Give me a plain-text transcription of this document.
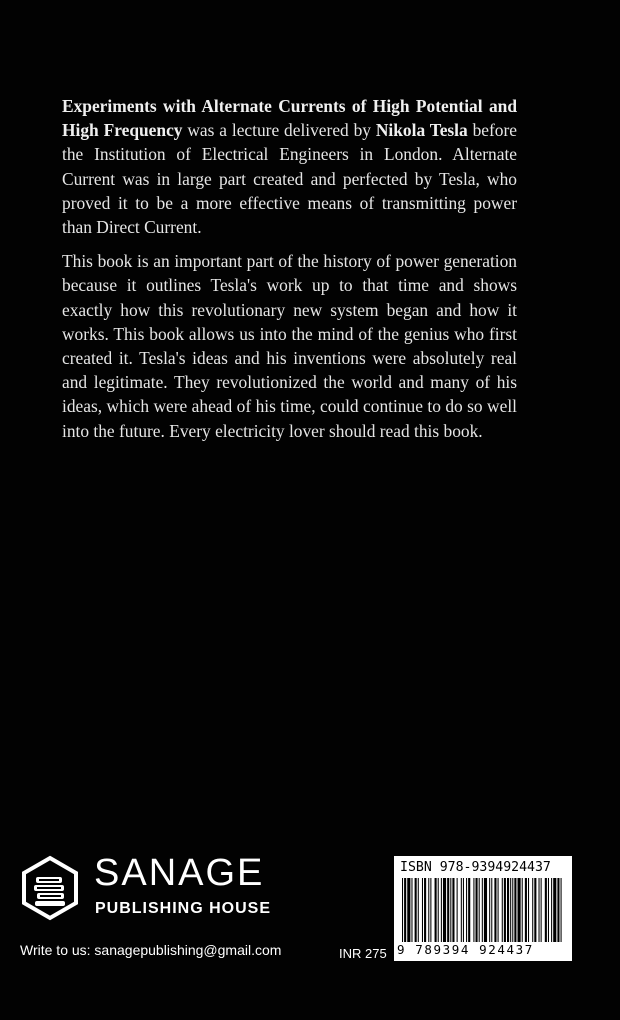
Experiments with Alternate Currents of High Potential and High Frequency was a lecture delivered by Nikola Tesla before the Institution of Electrical Engineers in London. Alternate Current was in large part created and perfected by Tesla, who proved it to be a more effective means of transmitting power than Direct Current.

This book is an important part of the history of power generation because it outlines Tesla's work up to that time and shows exactly how this revolutionary new system began and how it works. This book allows us into the mind of the genius who first created it. Tesla's ideas and his inventions were absolutely real and legitimate. They revolutionized the world and many of his ideas, which were ahead of his time, could continue to do so well into the future. Every electricity lover should read this book.

SANAGE
PUBLISHING HOUSE
Write to us: sanagepublishing@gmail.com	INR 275
ISBN 978-9394924437
9 789394 924437
